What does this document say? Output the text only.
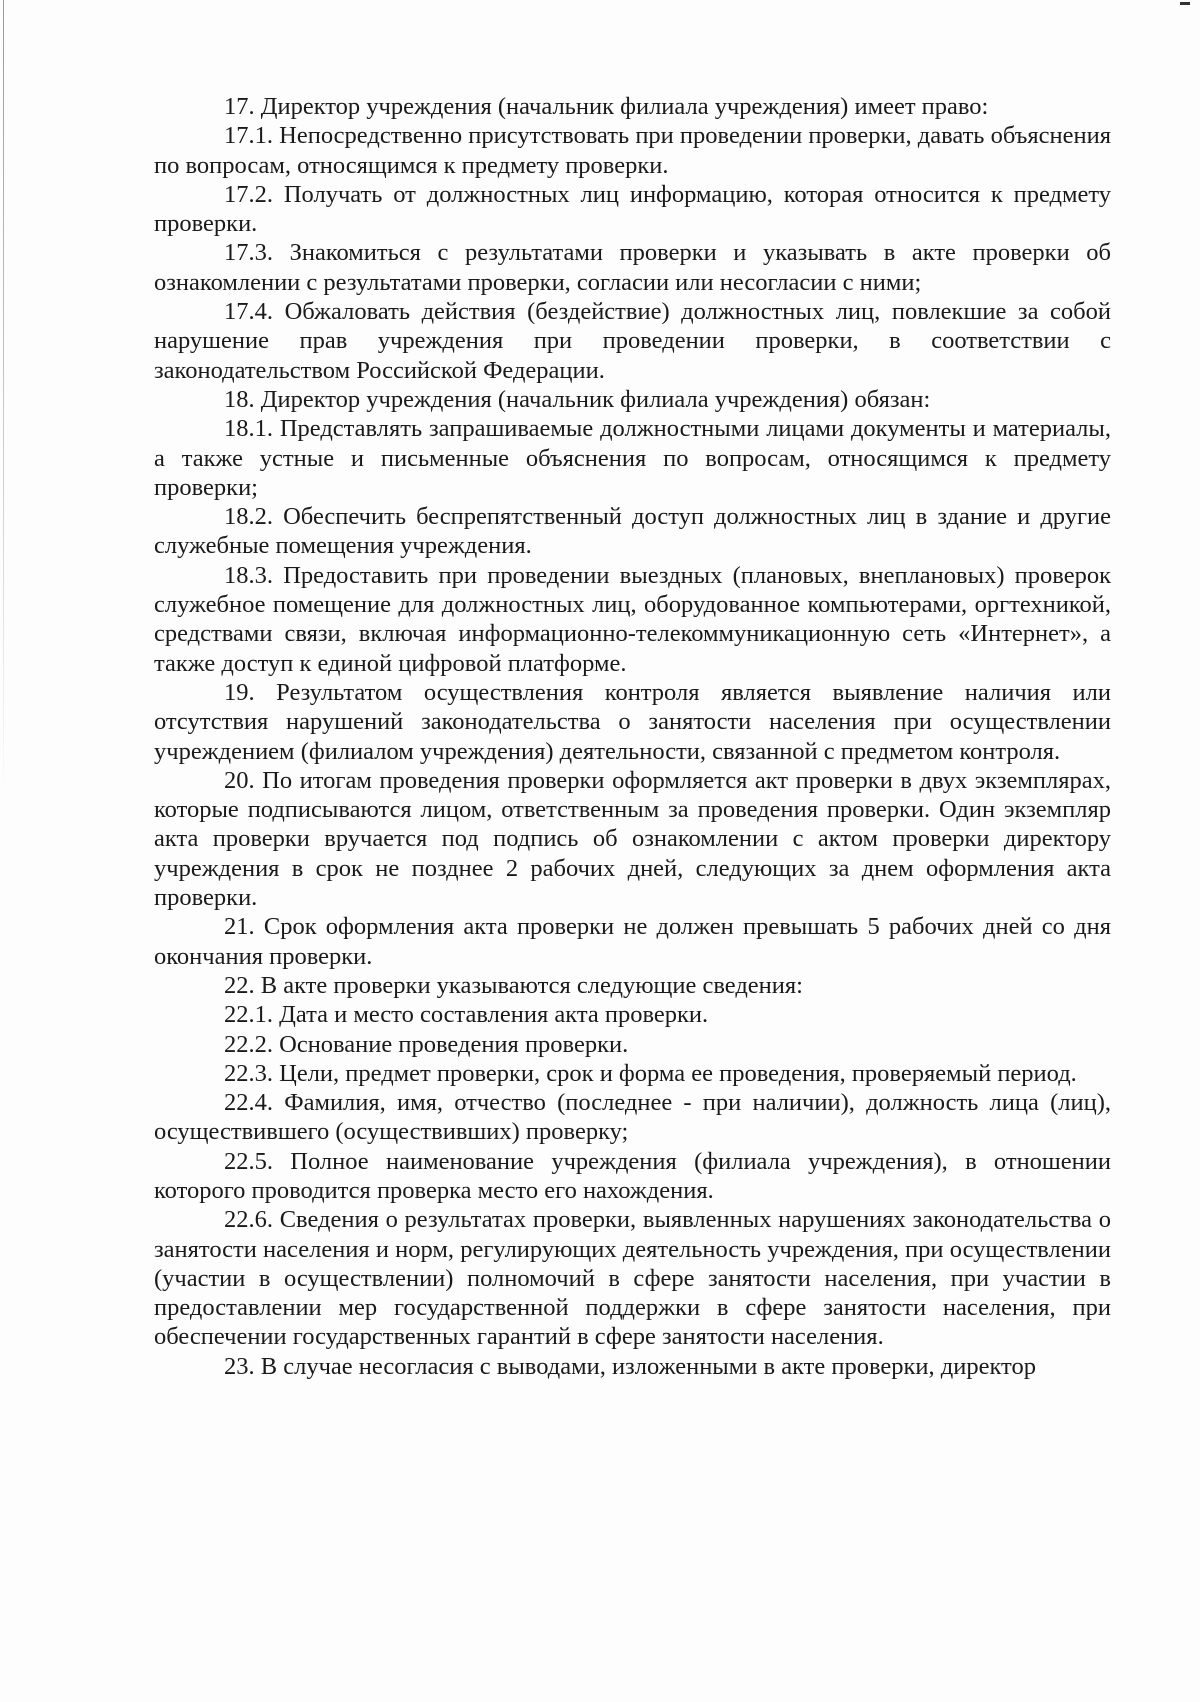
17. Директор учреждения (начальник филиала учреждения) имеет право:

17.1. Непосредственно присутствовать при проведении проверки, давать объяснения по вопросам, относящимся к предмету проверки.

17.2. Получать от должностных лиц информацию, которая относится к предмету проверки.

17.3. Знакомиться с результатами проверки и указывать в акте проверки об ознакомлении с результатами проверки, согласии или несогласии с ними;

17.4. Обжаловать действия (бездействие) должностных лиц, повлекшие за собой нарушение прав учреждения при проведении проверки, в соответствии с законодательством Российской Федерации.

18. Директор учреждения (начальник филиала учреждения) обязан:

18.1. Представлять запрашиваемые должностными лицами документы и материалы, а также устные и письменные объяснения по вопросам, относящимся к предмету проверки;

18.2. Обеспечить беспрепятственный доступ должностных лиц в здание и другие служебные помещения учреждения.

18.3. Предоставить при проведении выездных (плановых, внеплановых) проверок служебное помещение для должностных лиц, оборудованное компьютерами, оргтехникой, средствами связи, включая информационно-телекоммуникационную сеть «Интернет», а также доступ к единой цифровой платформе.

19. Результатом осуществления контроля является выявление наличия или отсутствия нарушений законодательства о занятости населения при осуществлении учреждением (филиалом учреждения) деятельности, связанной с предметом контроля.

20. По итогам проведения проверки оформляется акт проверки в двух экземплярах, которые подписываются лицом, ответственным за проведения проверки. Один экземпляр акта проверки вручается под подпись об ознакомлении с актом проверки директору учреждения в срок не позднее 2 рабочих дней, следующих за днем оформления акта проверки.

21. Срок оформления акта проверки не должен превышать 5 рабочих дней со дня окончания проверки.

22. В акте проверки указываются следующие сведения:

22.1. Дата и место составления акта проверки.

22.2. Основание проведения проверки.

22.3. Цели, предмет проверки, срок и форма ее проведения, проверяемый период.

22.4. Фамилия, имя, отчество (последнее - при наличии), должность лица (лиц), осуществившего (осуществивших) проверку;

22.5. Полное наименование учреждения (филиала учреждения), в отношении которого проводится проверка место его нахождения.

22.6. Сведения о результатах проверки, выявленных нарушениях законодательства о занятости населения и норм, регулирующих деятельность учреждения, при осуществлении (участии в осуществлении) полномочий в сфере занятости населения, при участии в предоставлении мер государственной поддержки в сфере занятости населения, при обеспечении государственных гарантий в сфере занятости населения.

23. В случае несогласия с выводами, изложенными в акте проверки, директор
